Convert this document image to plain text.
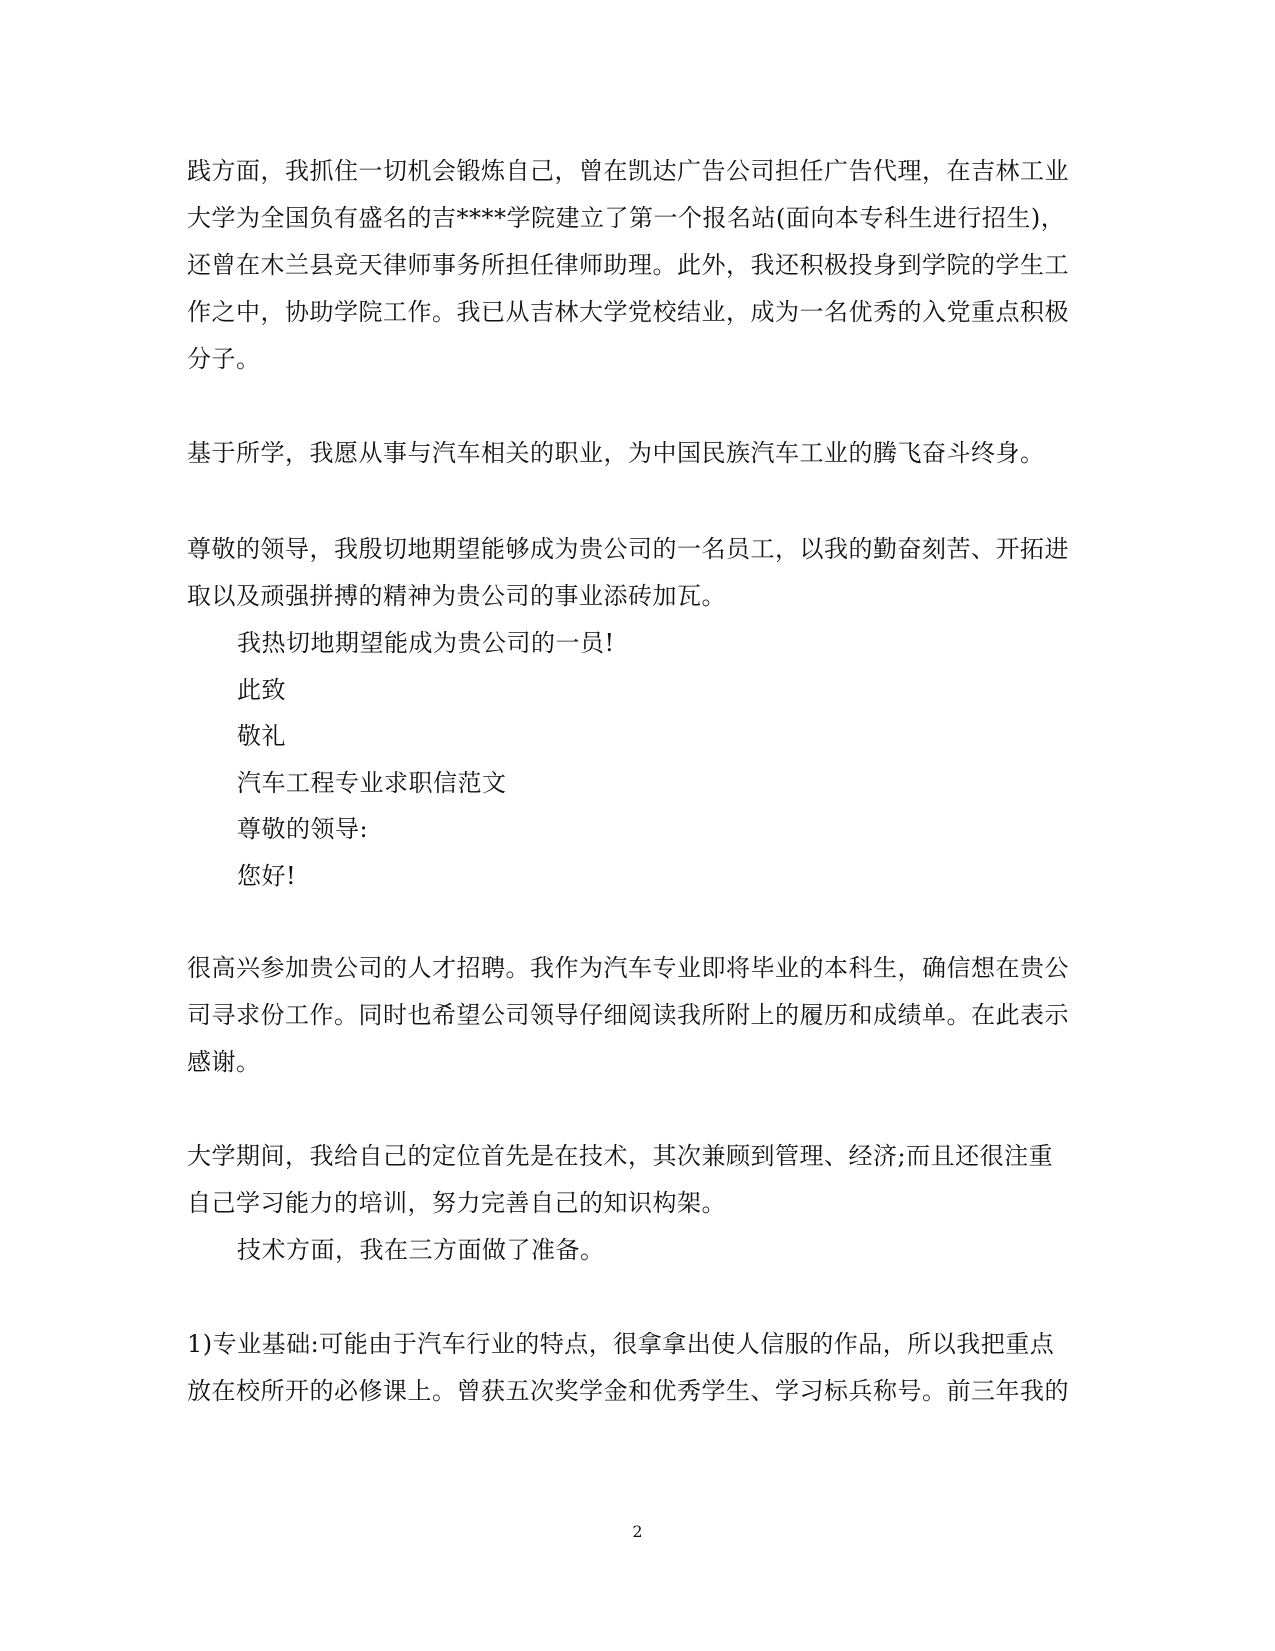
践方面，我抓住一切机会锻炼自己，曾在凯达广告公司担任广告代理，在吉林工业
大学为全国负有盛名的吉****学院建立了第一个报名站(面向本专科生进行招生)，
还曾在木兰县竞天律师事务所担任律师助理。此外，我还积极投身到学院的学生工
作之中，协助学院工作。我已从吉林大学党校结业，成为一名优秀的入党重点积极
分子。
基于所学，我愿从事与汽车相关的职业，为中国民族汽车工业的腾飞奋斗终身。
尊敬的领导，我殷切地期望能够成为贵公司的一名员工，以我的勤奋刻苦、开拓进
取以及顽强拼搏的精神为贵公司的事业添砖加瓦。
我热切地期望能成为贵公司的一员!
此致
敬礼
汽车工程专业求职信范文
尊敬的领导:
您好!
很高兴参加贵公司的人才招聘。我作为汽车专业即将毕业的本科生，确信想在贵公
司寻求份工作。同时也希望公司领导仔细阅读我所附上的履历和成绩单。在此表示
感谢。
大学期间，我给自己的定位首先是在技术，其次兼顾到管理、经济;而且还很注重
自己学习能力的培训，努力完善自己的知识构架。
技术方面，我在三方面做了准备。
1)专业基础:可能由于汽车行业的特点，很拿拿出使人信服的作品，所以我把重点
放在校所开的必修课上。曾获五次奖学金和优秀学生、学习标兵称号。前三年我的
2
